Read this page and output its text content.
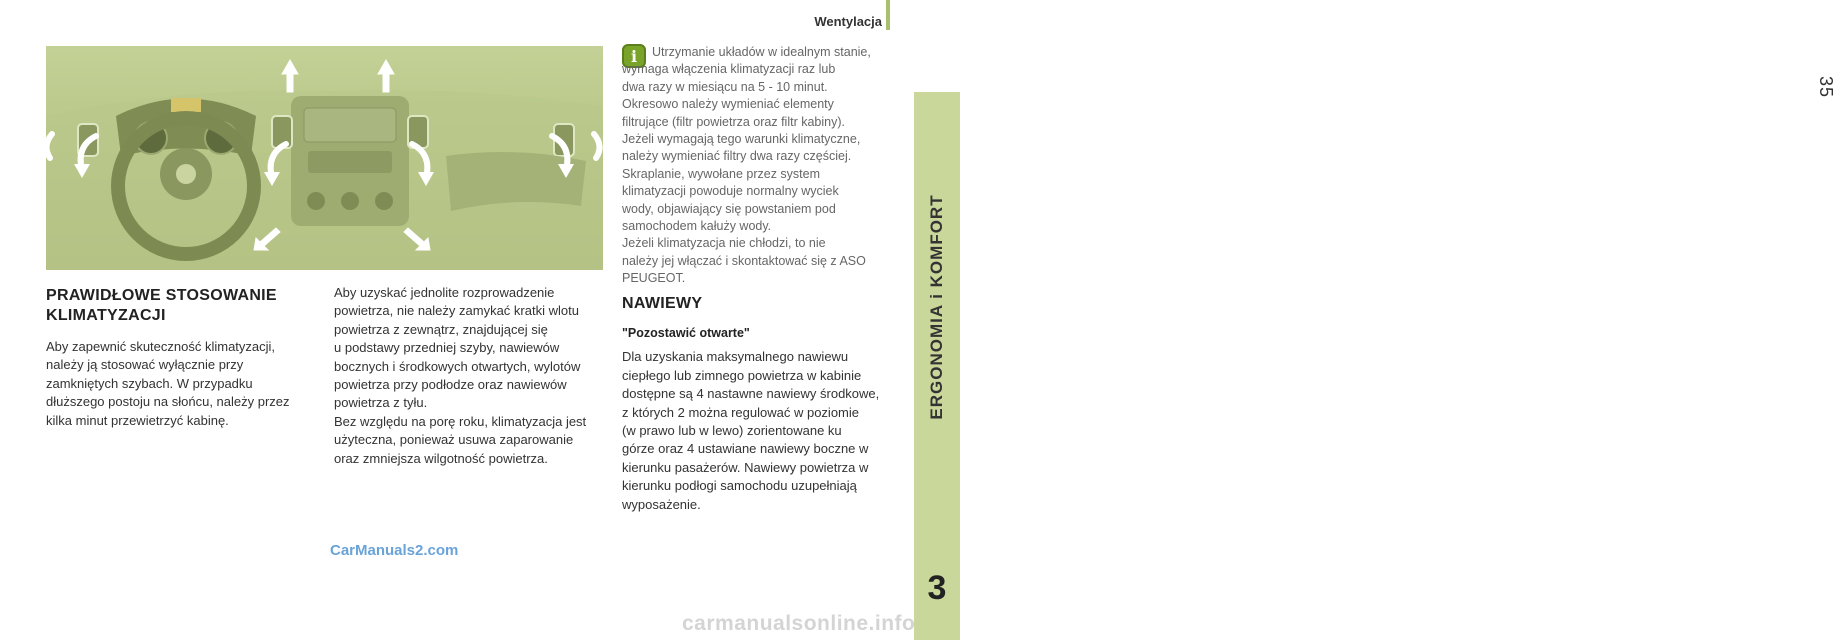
Wentylacja
35
ERGONOMIA i KOMFORT
3
i	Utrzymanie układów w idealnym stanie,
wymaga włączenia klimatyzacji raz lub
dwa razy w miesiącu na 5 - 10 minut.
Okresowo należy wymieniać elementy
filtrujące (filtr powietrza oraz filtr kabiny).
Jeżeli wymagają tego warunki klimatyczne,
należy wymieniać filtry dwa razy częściej.
Skraplanie, wywołane przez system
klimatyzacji powoduje normalny wyciek
wody, objawiający się powstaniem pod
samochodem kałuży wody.
Jeżeli klimatyzacja nie chłodzi, to nie
należy jej włączać i skontaktować się z ASO
PEUGEOT.
PRAWIDŁOWE STOSOWANIE KLIMATYZACJI

Aby zapewnić skuteczność klimatyzacji,
należy ją stosować wyłącznie przy
zamkniętych szybach. W przypadku
dłuższego postoju na słońcu, należy przez
kilka minut przewietrzyć kabinę.

Aby uzyskać jednolite rozprowadzenie
powietrza, nie należy zamykać kratki wlotu
powietrza z zewnątrz, znajdującej się
u podstawy przedniej szyby, nawiewów
bocznych i środkowych otwartych, wylotów
powietrza przy podłodze oraz nawiewów
powietrza z tyłu.
Bez względu na porę roku, klimatyzacja jest
użyteczna, ponieważ usuwa zaparowanie
oraz zmniejsza wilgotność powietrza.

NAWIEWY
"Pozostawić otwarte"

Dla uzyskania maksymalnego nawiewu
ciepłego lub zimnego powietrza w kabinie
dostępne są 4 nastawne nawiewy środkowe,
z których 2 można regulować w poziomie
(w prawo lub w lewo) zorientowane ku
górze oraz 4 ustawiane nawiewy boczne w
kierunku pasażerów. Nawiewy powietrza w
kierunku podłogi samochodu uzupełniają
wyposażenie.

CarManuals2.com
carmanualsonline.info
